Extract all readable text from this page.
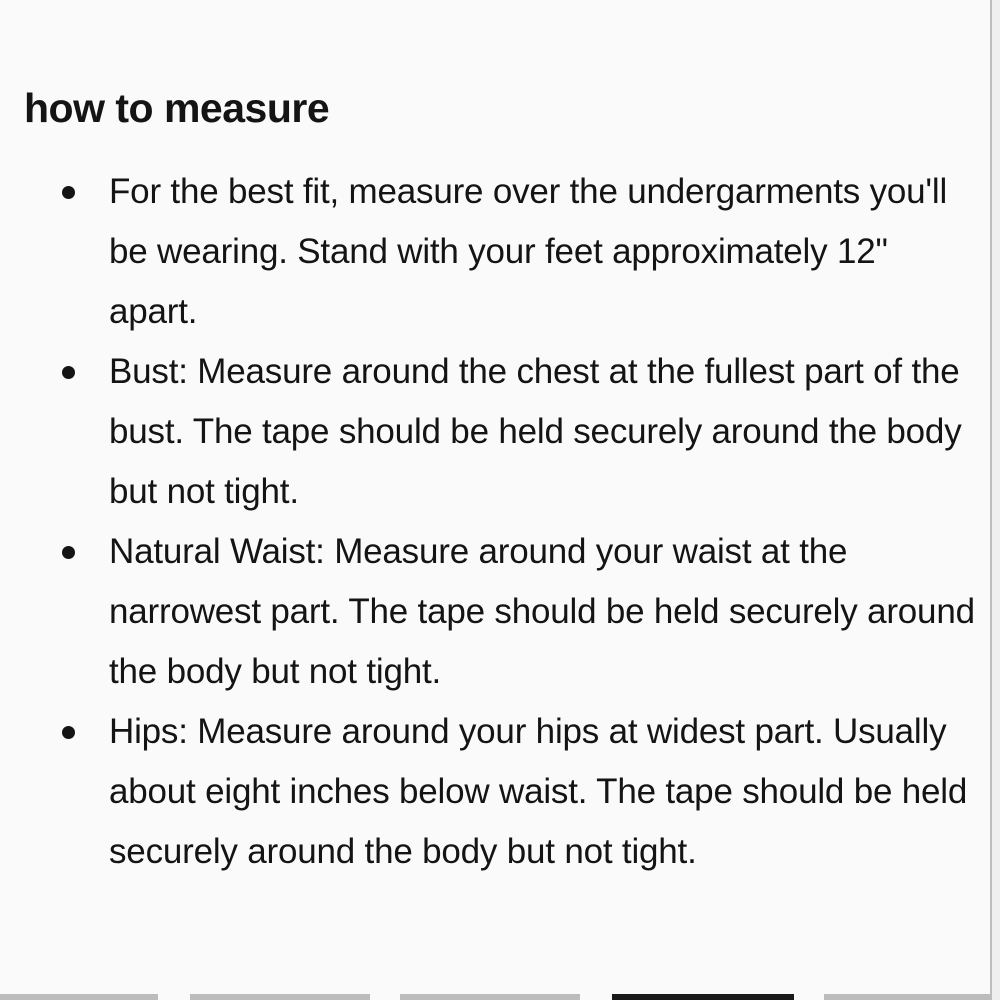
how to measure
For the best fit, measure over the undergarments you'll be wearing. Stand with your feet approximately 12" apart.
Bust: Measure around the chest at the fullest part of the bust. The tape should be held securely around the body but not tight.
Natural Waist: Measure around your waist at the narrowest part. The tape should be held securely around the body but not tight.
Hips: Measure around your hips at widest part. Usually about eight inches below waist. The tape should be held securely around the body but not tight.
